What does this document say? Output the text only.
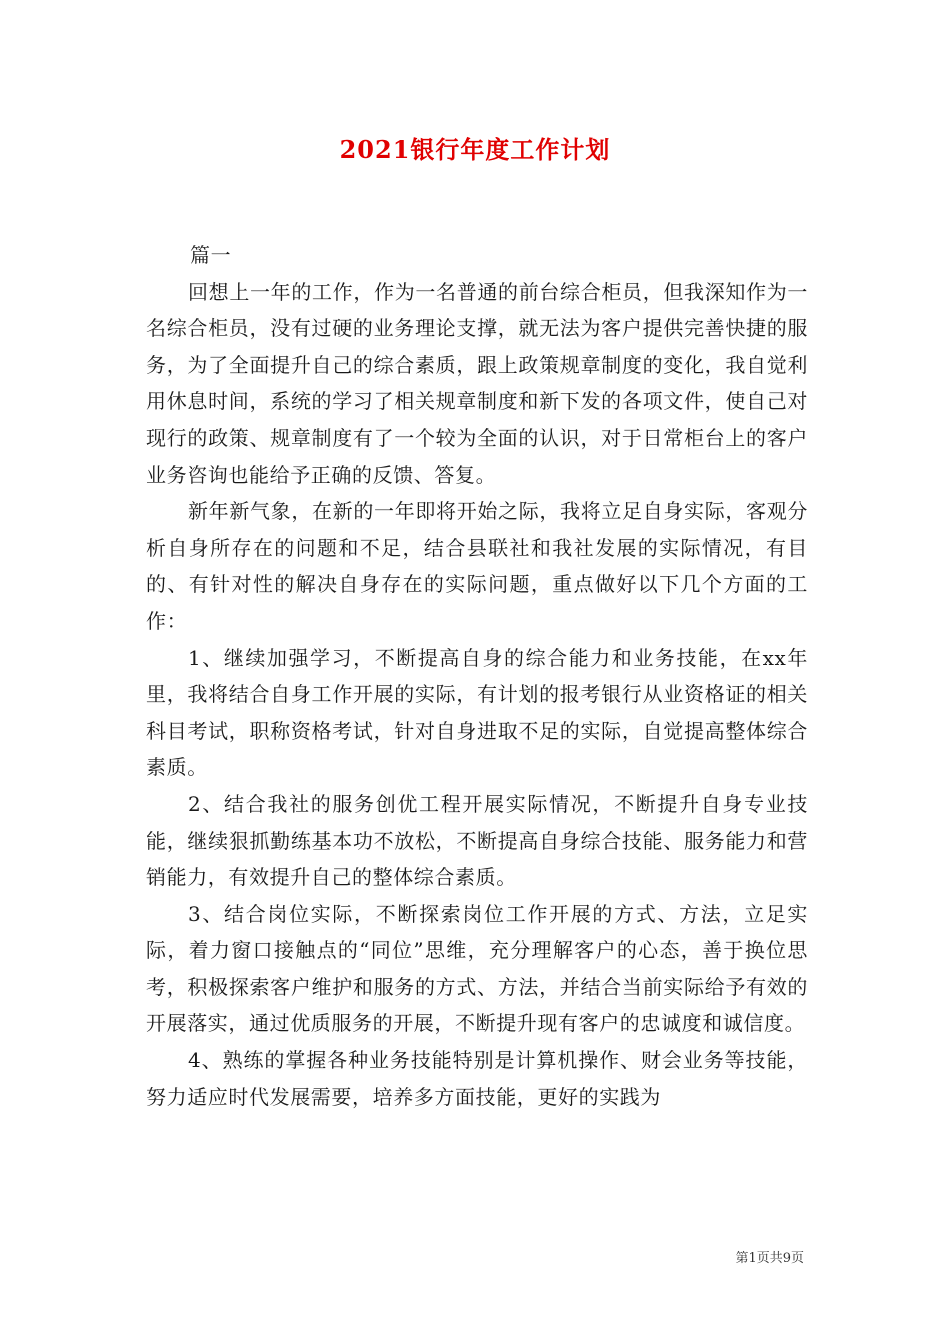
2021银行年度工作计划

篇一

回想上一年的工作，作为一名普通的前台综合柜员，但我深知作为一名综合柜员，没有过硬的业务理论支撑，就无法为客户提供完善快捷的服务，为了全面提升自己的综合素质，跟上政策规章制度的变化，我自觉利用休息时间，系统的学习了相关规章制度和新下发的各项文件，使自己对现行的政策、规章制度有了一个较为全面的认识，对于日常柜台上的客户业务咨询也能给予正确的反馈、答复。

新年新气象，在新的一年即将开始之际，我将立足自身实际，客观分析自身所存在的问题和不足，结合县联社和我社发展的实际情况，有目的、有针对性的解决自身存在的实际问题，重点做好以下几个方面的工作：

1、继续加强学习，不断提高自身的综合能力和业务技能，在xx年里，我将结合自身工作开展的实际，有计划的报考银行从业资格证的相关科目考试，职称资格考试，针对自身进取不足的实际，自觉提高整体综合素质。

2、结合我社的服务创优工程开展实际情况，不断提升自身专业技能，继续狠抓勤练基本功不放松，不断提高自身综合技能、服务能力和营销能力，有效提升自己的整体综合素质。

3、结合岗位实际，不断探索岗位工作开展的方式、方法，立足实际，着力窗口接触点的“同位”思维，充分理解客户的心态，善于换位思考，积极探索客户维护和服务的方式、方法，并结合当前实际给予有效的开展落实，通过优质服务的开展，不断提升现有客户的忠诚度和诚信度。

4、熟练的掌握各种业务技能特别是计算机操作、财会业务等技能，努力适应时代发展需要，培养多方面技能，更好的实践为

第1页共9页
